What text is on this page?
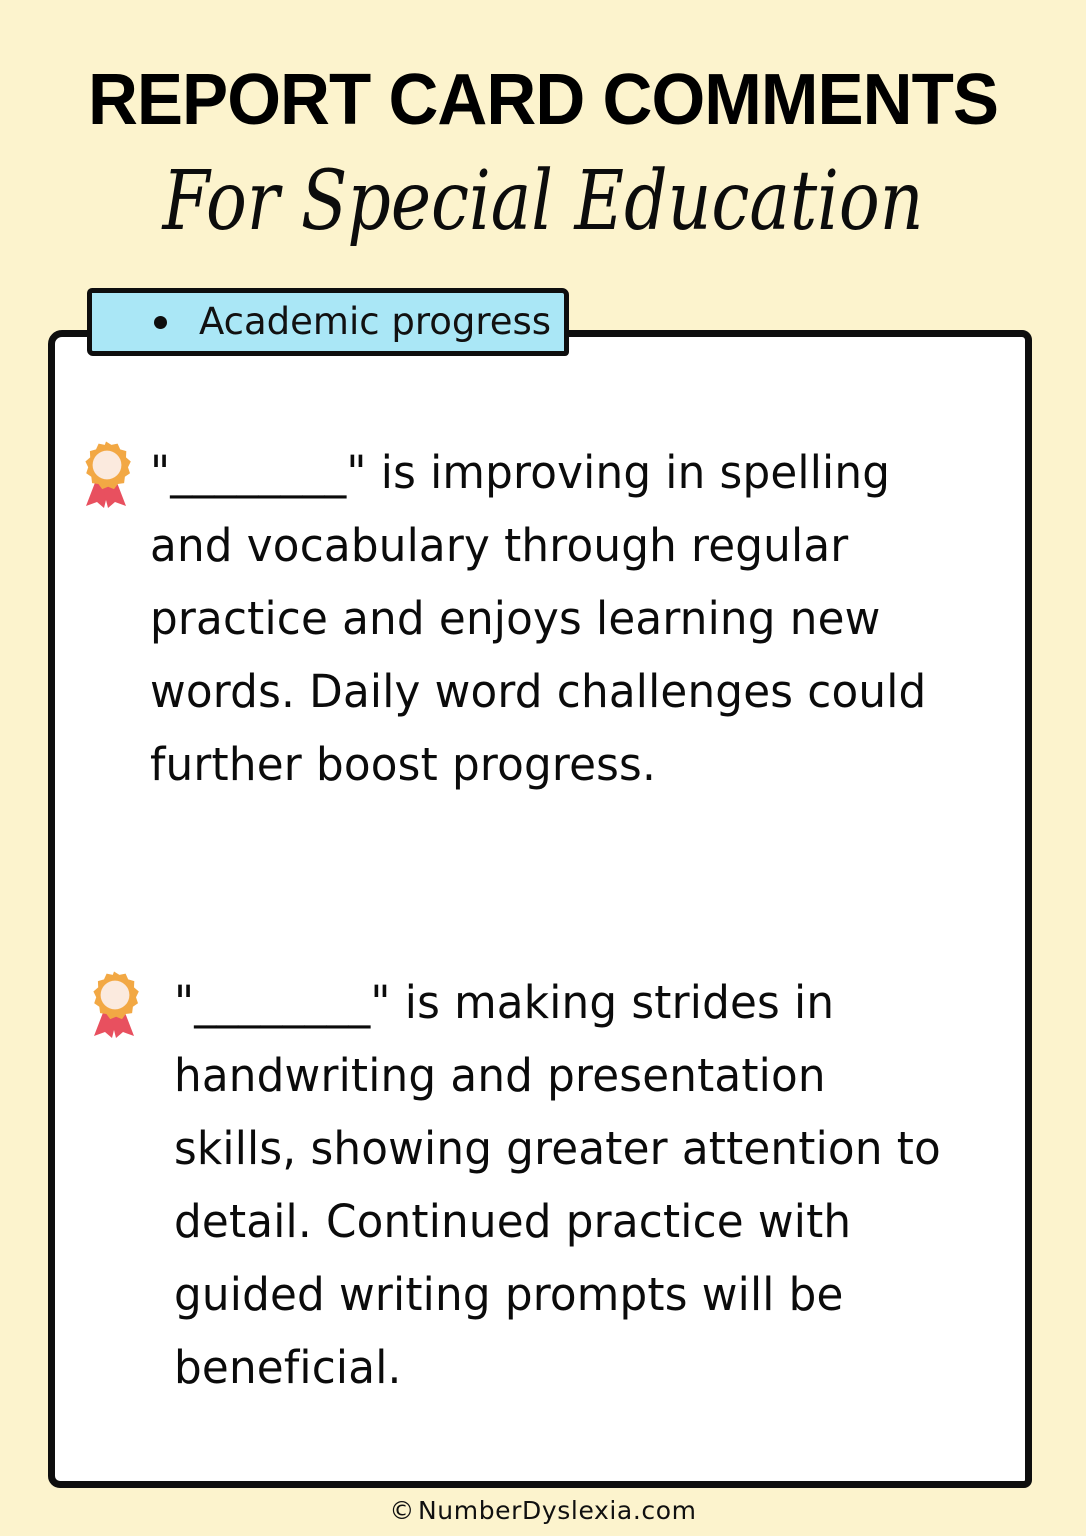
REPORT CARD COMMENTS
For Special Education
Academic progress
"________" is improving in spelling and vocabulary through regular practice and enjoys learning new words. Daily word challenges could further boost progress.
"________" is making strides in handwriting and presentation skills, showing greater attention to detail. Continued practice with guided writing prompts will be beneficial.
© NumberDyslexia.com
